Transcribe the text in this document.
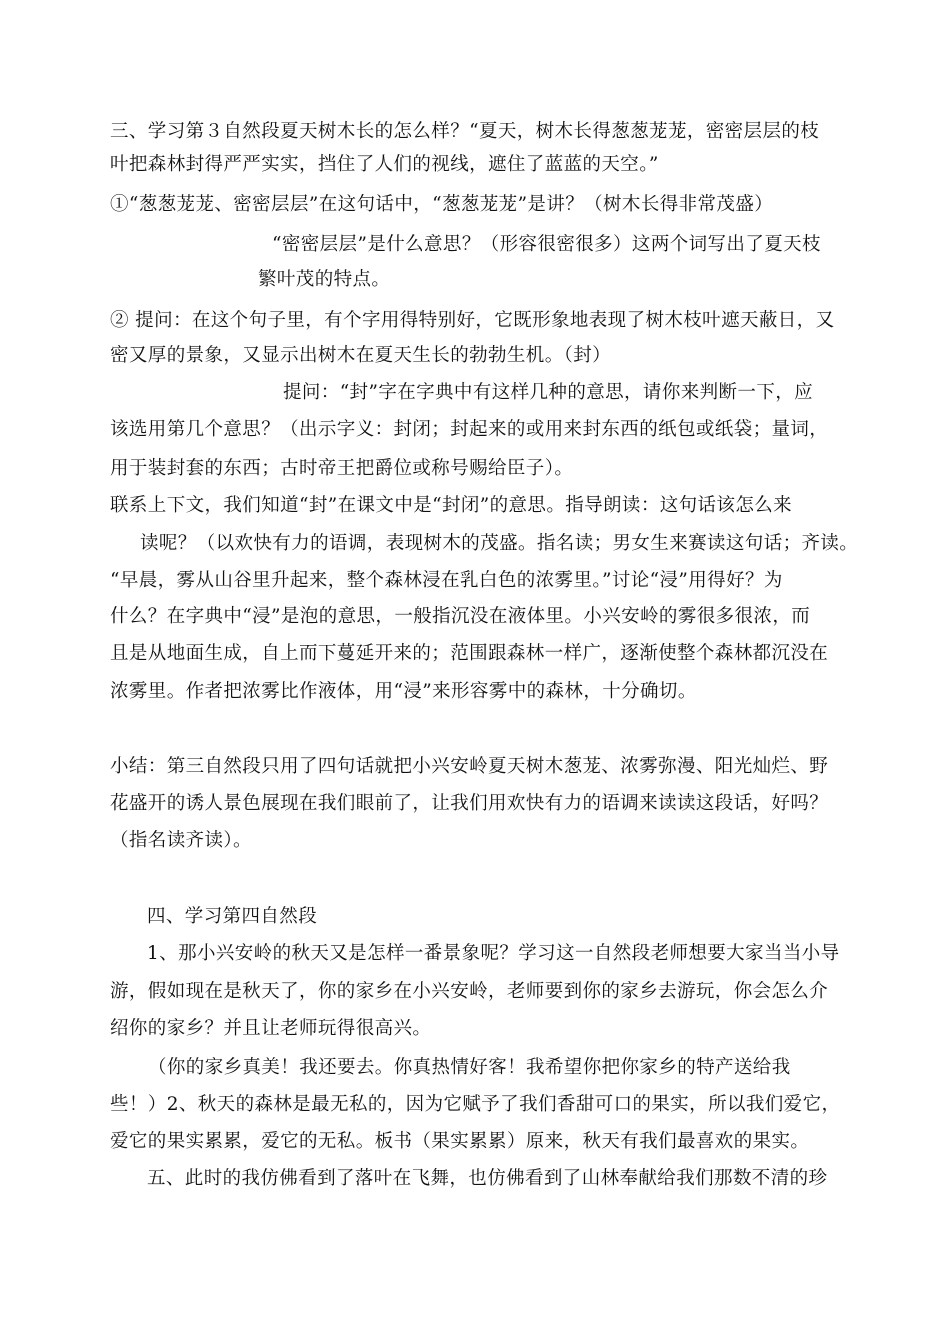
三、学习第３自然段夏天树木长的怎么样？“夏天，树木长得葱葱茏茏，密密层层的枝
叶把森林封得严严实实，挡住了人们的视线，遮住了蓝蓝的天空。”
①“葱葱茏茏、密密层层”在这句话中，“葱葱茏茏”是讲？（树木长得非常茂盛）
“密密层层”是什么意思？（形容很密很多）这两个词写出了夏天枝
繁叶茂的特点。
② 提问：在这个句子里，有个字用得特别好，它既形象地表现了树木枝叶遮天蔽日，又
密又厚的景象，又显示出树木在夏天生长的勃勃生机。（封）
提问：“封”字在字典中有这样几种的意思，请你来判断一下，应
该选用第几个意思？（出示字义：封闭；封起来的或用来封东西的纸包或纸袋；量词，
用于装封套的东西；古时帝王把爵位或称号赐给臣子）。
联系上下文，我们知道“封”在课文中是“封闭”的意思。指导朗读：这句话该怎么来
读呢？（以欢快有力的语调，表现树木的茂盛。指名读；男女生来赛读这句话；齐读。
“早晨，雾从山谷里升起来，整个森林浸在乳白色的浓雾里。”讨论“浸”用得好？为
什么？在字典中“浸”是泡的意思，一般指沉没在液体里。小兴安岭的雾很多很浓，而
且是从地面生成，自上而下蔓延开来的；范围跟森林一样广，逐渐使整个森林都沉没在
浓雾里。作者把浓雾比作液体，用“浸”来形容雾中的森林，十分确切。
小结：第三自然段只用了四句话就把小兴安岭夏天树木葱茏、浓雾弥漫、阳光灿烂、野
花盛开的诱人景色展现在我们眼前了，让我们用欢快有力的语调来读读这段话，好吗？
（指名读齐读）。
四、学习第四自然段
1、那小兴安岭的秋天又是怎样一番景象呢？学习这一自然段老师想要大家当当小导
游，假如现在是秋天了，你的家乡在小兴安岭，老师要到你的家乡去游玩，你会怎么介
绍你的家乡？并且让老师玩得很高兴。
（你的家乡真美！我还要去。你真热情好客！我希望你把你家乡的特产送给我
些！）2、秋天的森林是最无私的，因为它赋予了我们香甜可口的果实，所以我们爱它，
爱它的果实累累，爱它的无私。板书（果实累累）原来，秋天有我们最喜欢的果实。
五、此时的我仿佛看到了落叶在飞舞，也仿佛看到了山林奉献给我们那数不清的珍
